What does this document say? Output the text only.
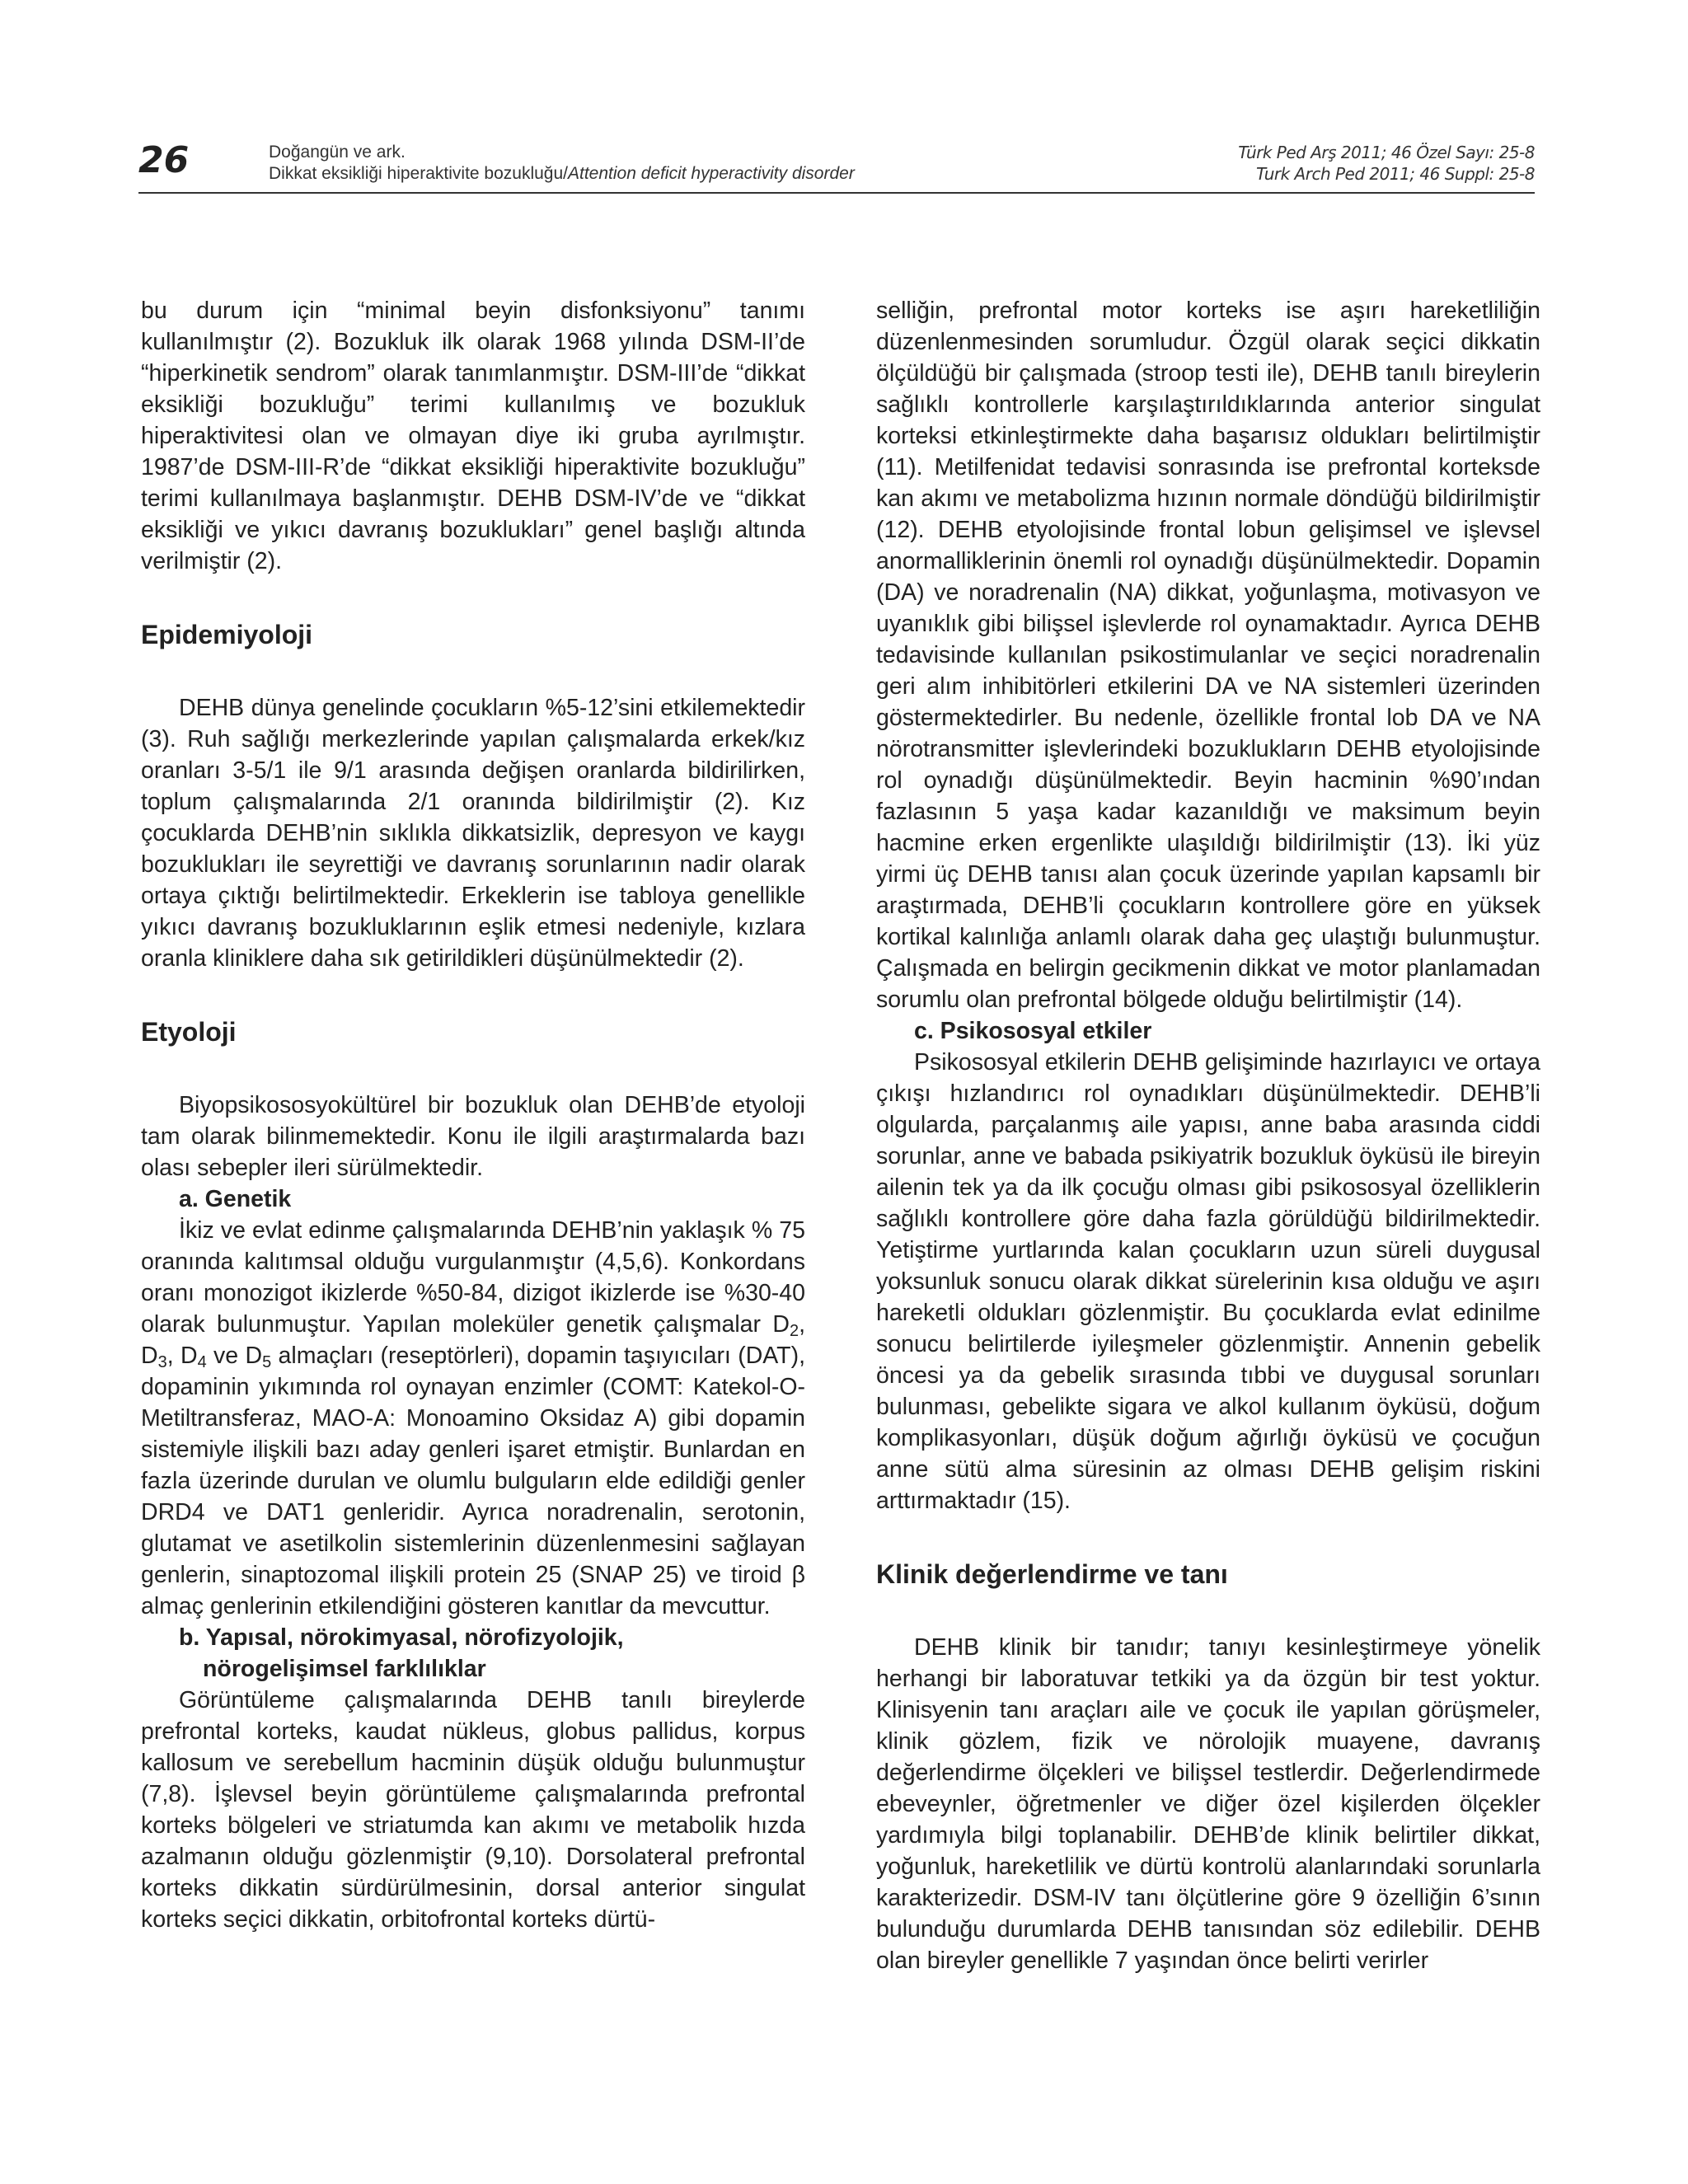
26	Doğangün ve ark.
Dikkat eksikliği hiperaktivite bozukluğu/Attention deficit hyperactivity disorder
Türk Ped Arş 2011; 46 Özel Sayı: 25-8
Turk Arch Ped 2011; 46 Suppl: 25-8

bu durum için “minimal beyin disfonksiyonu” tanımı kullanılmıştır (2). Bozukluk ilk olarak 1968 yılında DSM-II’de “hiperkinetik sendrom” olarak tanımlanmıştır. DSM-III’de “dikkat eksikliği bozukluğu” terimi kullanılmış ve bozukluk hiperaktivitesi olan ve olmayan diye iki gruba ayrılmıştır. 1987’de DSM-III-R’de “dikkat eksikliği hiperaktivite bozukluğu” terimi kullanılmaya başlanmıştır. DEHB DSM-IV’de ve “dikkat eksikliği ve yıkıcı davranış bozuklukları” genel başlığı altında verilmiştir (2).

Epidemiyoloji

DEHB dünya genelinde çocukların %5-12’sini etkilemektedir (3). Ruh sağlığı merkezlerinde yapılan çalışmalarda erkek/kız oranları 3-5/1 ile 9/1 arasında değişen oranlarda bildirilirken, toplum çalışmalarında 2/1 oranında bildirilmiştir (2). Kız çocuklarda DEHB’nin sıklıkla dikkatsizlik, depresyon ve kaygı bozuklukları ile seyrettiği ve davranış sorunlarının nadir olarak ortaya çıktığı belirtilmektedir. Erkeklerin ise tabloya genellikle yıkıcı davranış bozukluklarının eşlik etmesi nedeniyle, kızlara oranla kliniklere daha sık getirildikleri düşünülmektedir (2).

Etyoloji

Biyopsikososyokültürel bir bozukluk olan DEHB’de etyoloji tam olarak bilinmemektedir. Konu ile ilgili araştırmalarda bazı olası sebepler ileri sürülmektedir.

a. Genetik

İkiz ve evlat edinme çalışmalarında DEHB’nin yaklaşık % 75 oranında kalıtımsal olduğu vurgulanmıştır (4,5,6). Konkordans oranı monozigot ikizlerde %50-84, dizigot ikizlerde ise %30-40 olarak bulunmuştur. Yapılan moleküler genetik çalışmalar $D_2$, $D_3$, $D_4$ ve $D_5$ almaçları (reseptörleri), dopamin taşıyıcıları (DAT), dopaminin yıkımında rol oynayan enzimler (COMT: Katekol-O-Metiltransferaz, MAO-A: Monoamino Oksidaz A) gibi dopamin sistemiyle ilişkili bazı aday genleri işaret etmiştir. Bunlardan en fazla üzerinde durulan ve olumlu bulguların elde edildiği genler DRD4 ve DAT1 genleridir. Ayrıca noradrenalin, serotonin, glutamat ve asetilkolin sistemlerinin düzenlenmesini sağlayan genlerin, sinaptozomal ilişkili protein 25 (SNAP 25) ve tiroid β almaç genlerinin etkilendiğini gösteren kanıtlar da mevcuttur.

b. Yapısal, nörokimyasal, nörofizyolojik,
nörogelişimsel farklılıklar

Görüntüleme çalışmalarında DEHB tanılı bireylerde prefrontal korteks, kaudat nükleus, globus pallidus, korpus kallosum ve serebellum hacminin düşük olduğu bulunmuştur (7,8). İşlevsel beyin görüntüleme çalışmalarında prefrontal korteks bölgeleri ve striatumda kan akımı ve metabolik hızda azalmanın olduğu gözlenmiştir (9,10). Dorsolateral prefrontal korteks dikkatin sürdürülmesinin, dorsal anterior singulat korteks seçici dikkatin, orbitofrontal korteks dürtü-

selliğin, prefrontal motor korteks ise aşırı hareketliliğin düzenlenmesinden sorumludur. Özgül olarak seçici dikkatin ölçüldüğü bir çalışmada (stroop testi ile), DEHB tanılı bireylerin sağlıklı kontrollerle karşılaştırıldıklarında anterior singulat korteksi etkinleştirmekte daha başarısız oldukları belirtilmiştir (11). Metilfenidat tedavisi sonrasında ise prefrontal korteksde kan akımı ve metabolizma hızının normale döndüğü bildirilmiştir (12). DEHB etyolojisinde frontal lobun gelişimsel ve işlevsel anormalliklerinin önemli rol oynadığı düşünülmektedir. Dopamin (DA) ve noradrenalin (NA) dikkat, yoğunlaşma, motivasyon ve uyanıklık gibi bilişsel işlevlerde rol oynamaktadır. Ayrıca DEHB tedavisinde kullanılan psikostimulanlar ve seçici noradrenalin geri alım inhibitörleri etkilerini DA ve NA sistemleri üzerinden göstermektedirler. Bu nedenle, özellikle frontal lob DA ve NA nörotransmitter işlevlerindeki bozuklukların DEHB etyolojisinde rol oynadığı düşünülmektedir. Beyin hacminin %90’ından fazlasının 5 yaşa kadar kazanıldığı ve maksimum beyin hacmine erken ergenlikte ulaşıldığı bildirilmiştir (13). İki yüz yirmi üç DEHB tanısı alan çocuk üzerinde yapılan kapsamlı bir araştırmada, DEHB’li çocukların kontrollere göre en yüksek kortikal kalınlığa anlamlı olarak daha geç ulaştığı bulunmuştur. Çalışmada en belirgin gecikmenin dikkat ve motor planlamadan sorumlu olan prefrontal bölgede olduğu belirtilmiştir (14).

c. Psikososyal etkiler

Psikososyal etkilerin DEHB gelişiminde hazırlayıcı ve ortaya çıkışı hızlandırıcı rol oynadıkları düşünülmektedir. DEHB’li olgularda, parçalanmış aile yapısı, anne baba arasında ciddi sorunlar, anne ve babada psikiyatrik bozukluk öyküsü ile bireyin ailenin tek ya da ilk çocuğu olması gibi psikososyal özelliklerin sağlıklı kontrollere göre daha fazla görüldüğü bildirilmektedir. Yetiştirme yurtlarında kalan çocukların uzun süreli duygusal yoksunluk sonucu olarak dikkat sürelerinin kısa olduğu ve aşırı hareketli oldukları gözlenmiştir. Bu çocuklarda evlat edinilme sonucu belirtilerde iyileşmeler gözlenmiştir. Annenin gebelik öncesi ya da gebelik sırasında tıbbi ve duygusal sorunları bulunması, gebelikte sigara ve alkol kullanım öyküsü, doğum komplikasyonları, düşük doğum ağırlığı öyküsü ve çocuğun anne sütü alma süresinin az olması DEHB gelişim riskini arttırmaktadır (15).

Klinik değerlendirme ve tanı

DEHB klinik bir tanıdır; tanıyı kesinleştirmeye yönelik herhangi bir laboratuvar tetkiki ya da özgün bir test yoktur. Klinisyenin tanı araçları aile ve çocuk ile yapılan görüşmeler, klinik gözlem, fizik ve nörolojik muayene, davranış değerlendirme ölçekleri ve bilişsel testlerdir. Değerlendirmede ebeveynler, öğretmenler ve diğer özel kişilerden ölçekler yardımıyla bilgi toplanabilir. DEHB’de klinik belirtiler dikkat, yoğunluk, hareketlilik ve dürtü kontrolü alanlarındaki sorunlarla karakterizedir. DSM-IV tanı ölçütlerine göre 9 özelliğin 6’sının bulunduğu durumlarda DEHB tanısından söz edilebilir. DEHB olan bireyler genellikle 7 yaşından önce belirti verirler
